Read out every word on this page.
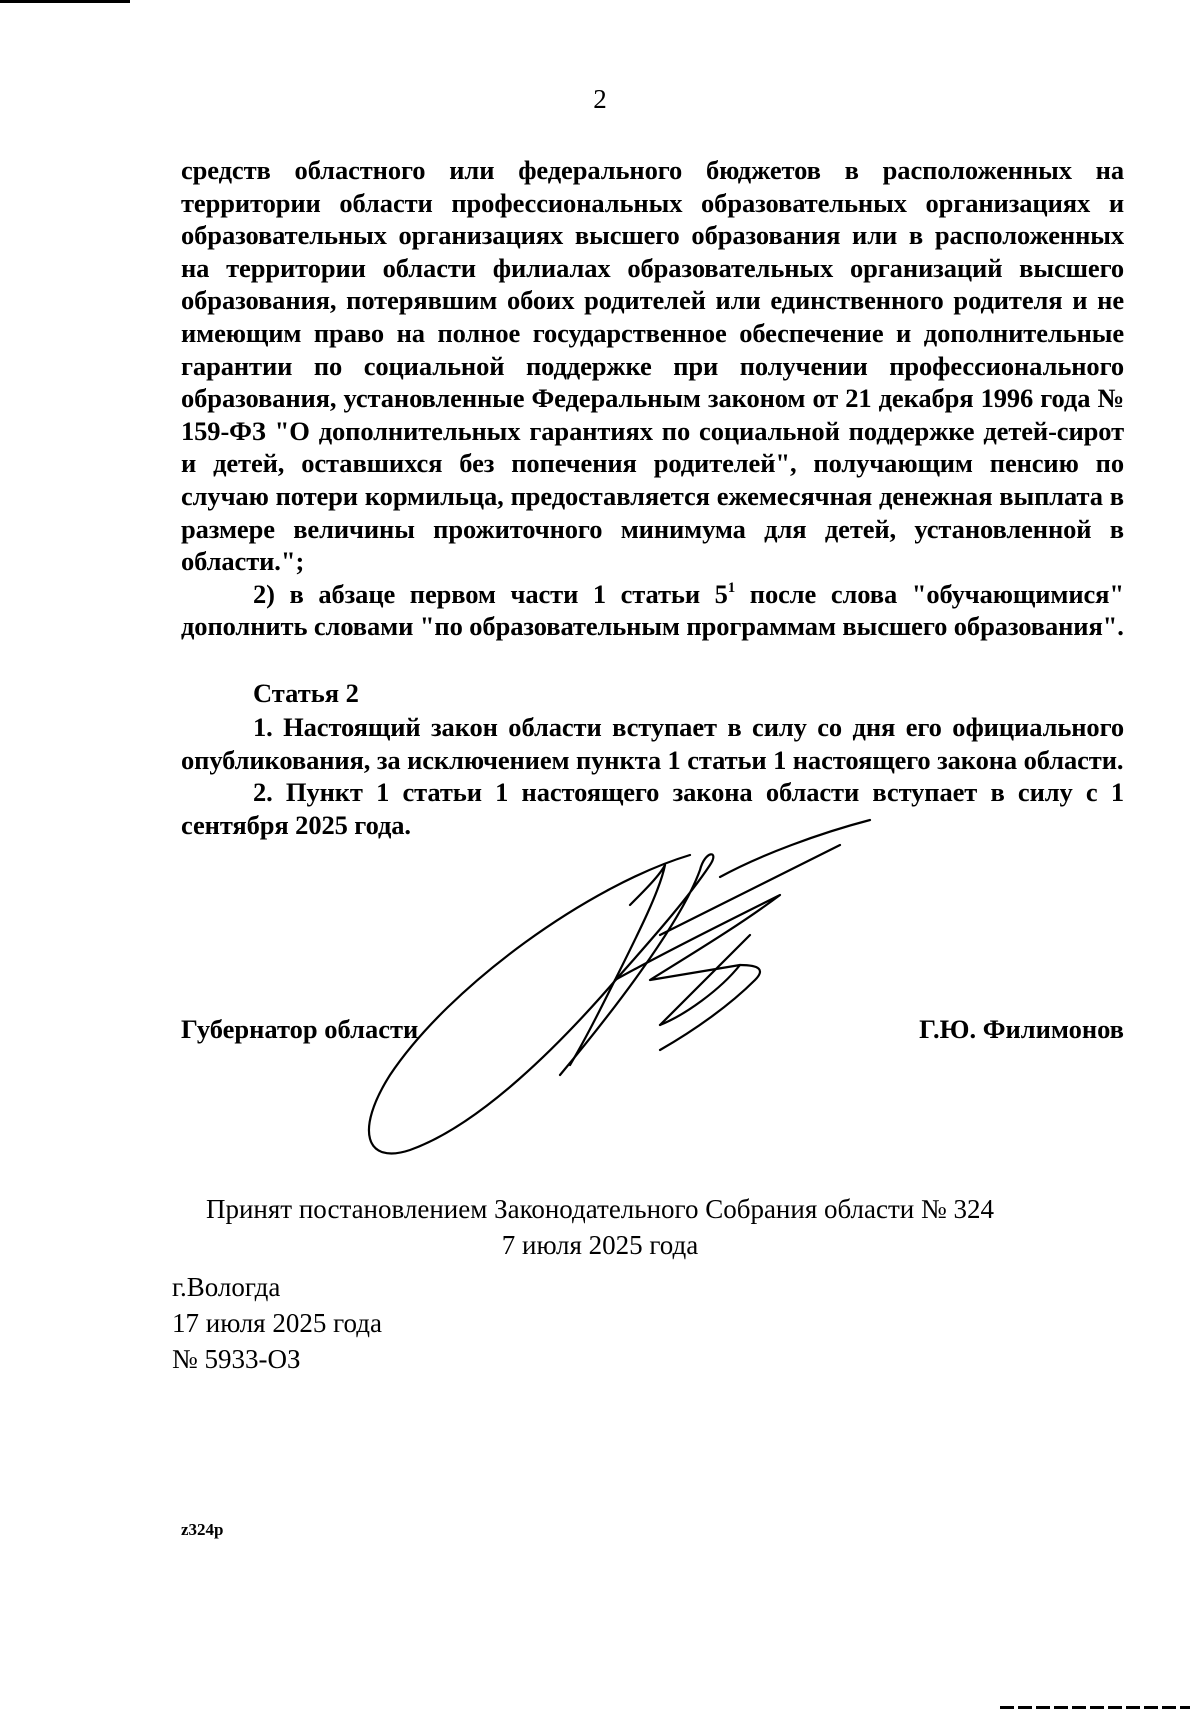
2

средств областного или федерального бюджетов в расположенных на территории области профессиональных образовательных организациях и образовательных организациях высшего образования или в расположенных на территории области филиалах образовательных организаций высшего образования, потерявшим обоих родителей или единственного родителя и не имеющим право на полное государственное обеспечение и дополнительные гарантии по социальной поддержке при получении профессионального образования, установленные Федеральным законом от 21 декабря 1996 года № 159-ФЗ "О дополнительных гарантиях по социальной поддержке детей-сирот и детей, оставшихся без попечения родителей", получающим пенсию по случаю потери кормильца, предоставляется ежемесячная денежная выплата в размере величины прожиточного минимума для детей, установленной в области.";

2) в абзаце первом части 1 статьи $5^1$ после слова "обучающимися" дополнить словами "по образовательным программам высшего образования".

Статья 2

1. Настоящий закон области вступает в силу со дня его официального опубликования, за исключением пункта 1 статьи 1 настоящего закона области.

2. Пункт 1 статьи 1 настоящего закона области вступает в силу с 1 сентября 2025 года.

Губернатор области	Г.Ю. Филимонов
Принят постановлением Законодательного Собрания области № 324
7 июля 2025 года
г.Вологда
17 июля 2025 года
№ 5933-ОЗ
z324p
